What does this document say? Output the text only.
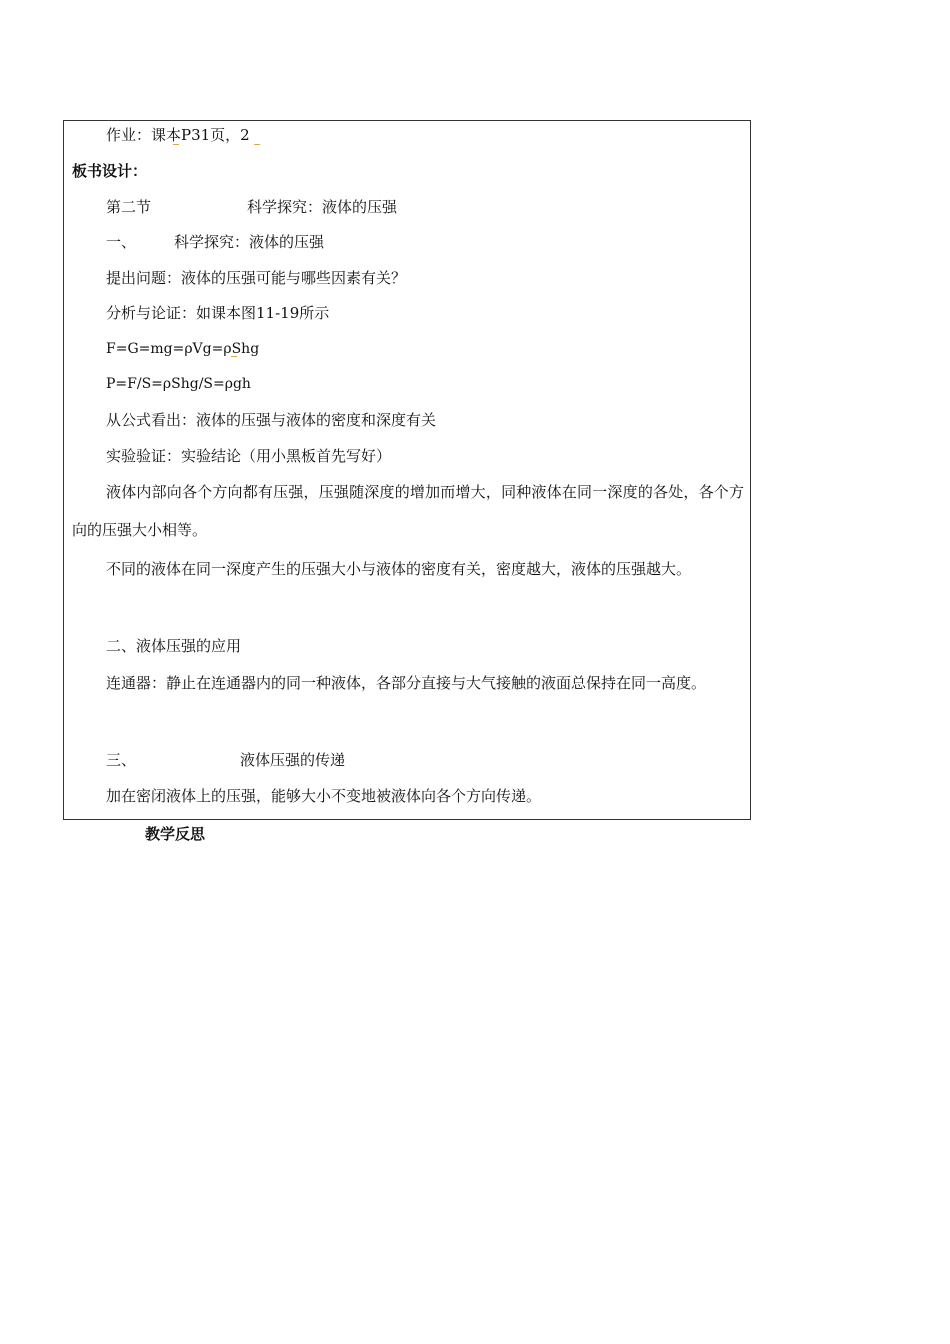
作业：课本P31页，2
板书设计：
第二节	科学探究：液体的压强
一、	科学探究：液体的压强
提出问题：液体的压强可能与哪些因素有关？
分析与论证：如课本图11-19所示
F=G=mg=ρVg=ρShg
P=F/S=ρShg/S=ρgh
从公式看出：液体的压强与液体的密度和深度有关
实验验证：实验结论（用小黑板首先写好）
液体内部向各个方向都有压强，压强随深度的增加而增大，同种液体在同一深度的各处，各个方向的压强大小相等。
不同的液体在同一深度产生的压强大小与液体的密度有关，密度越大，液体的压强越大。
二、液体压强的应用
连通器：静止在连通器内的同一种液体，各部分直接与大气接触的液面总保持在同一高度。
三、	液体压强的传递
加在密闭液体上的压强，能够大小不变地被液体向各个方向传递。
教学反思
